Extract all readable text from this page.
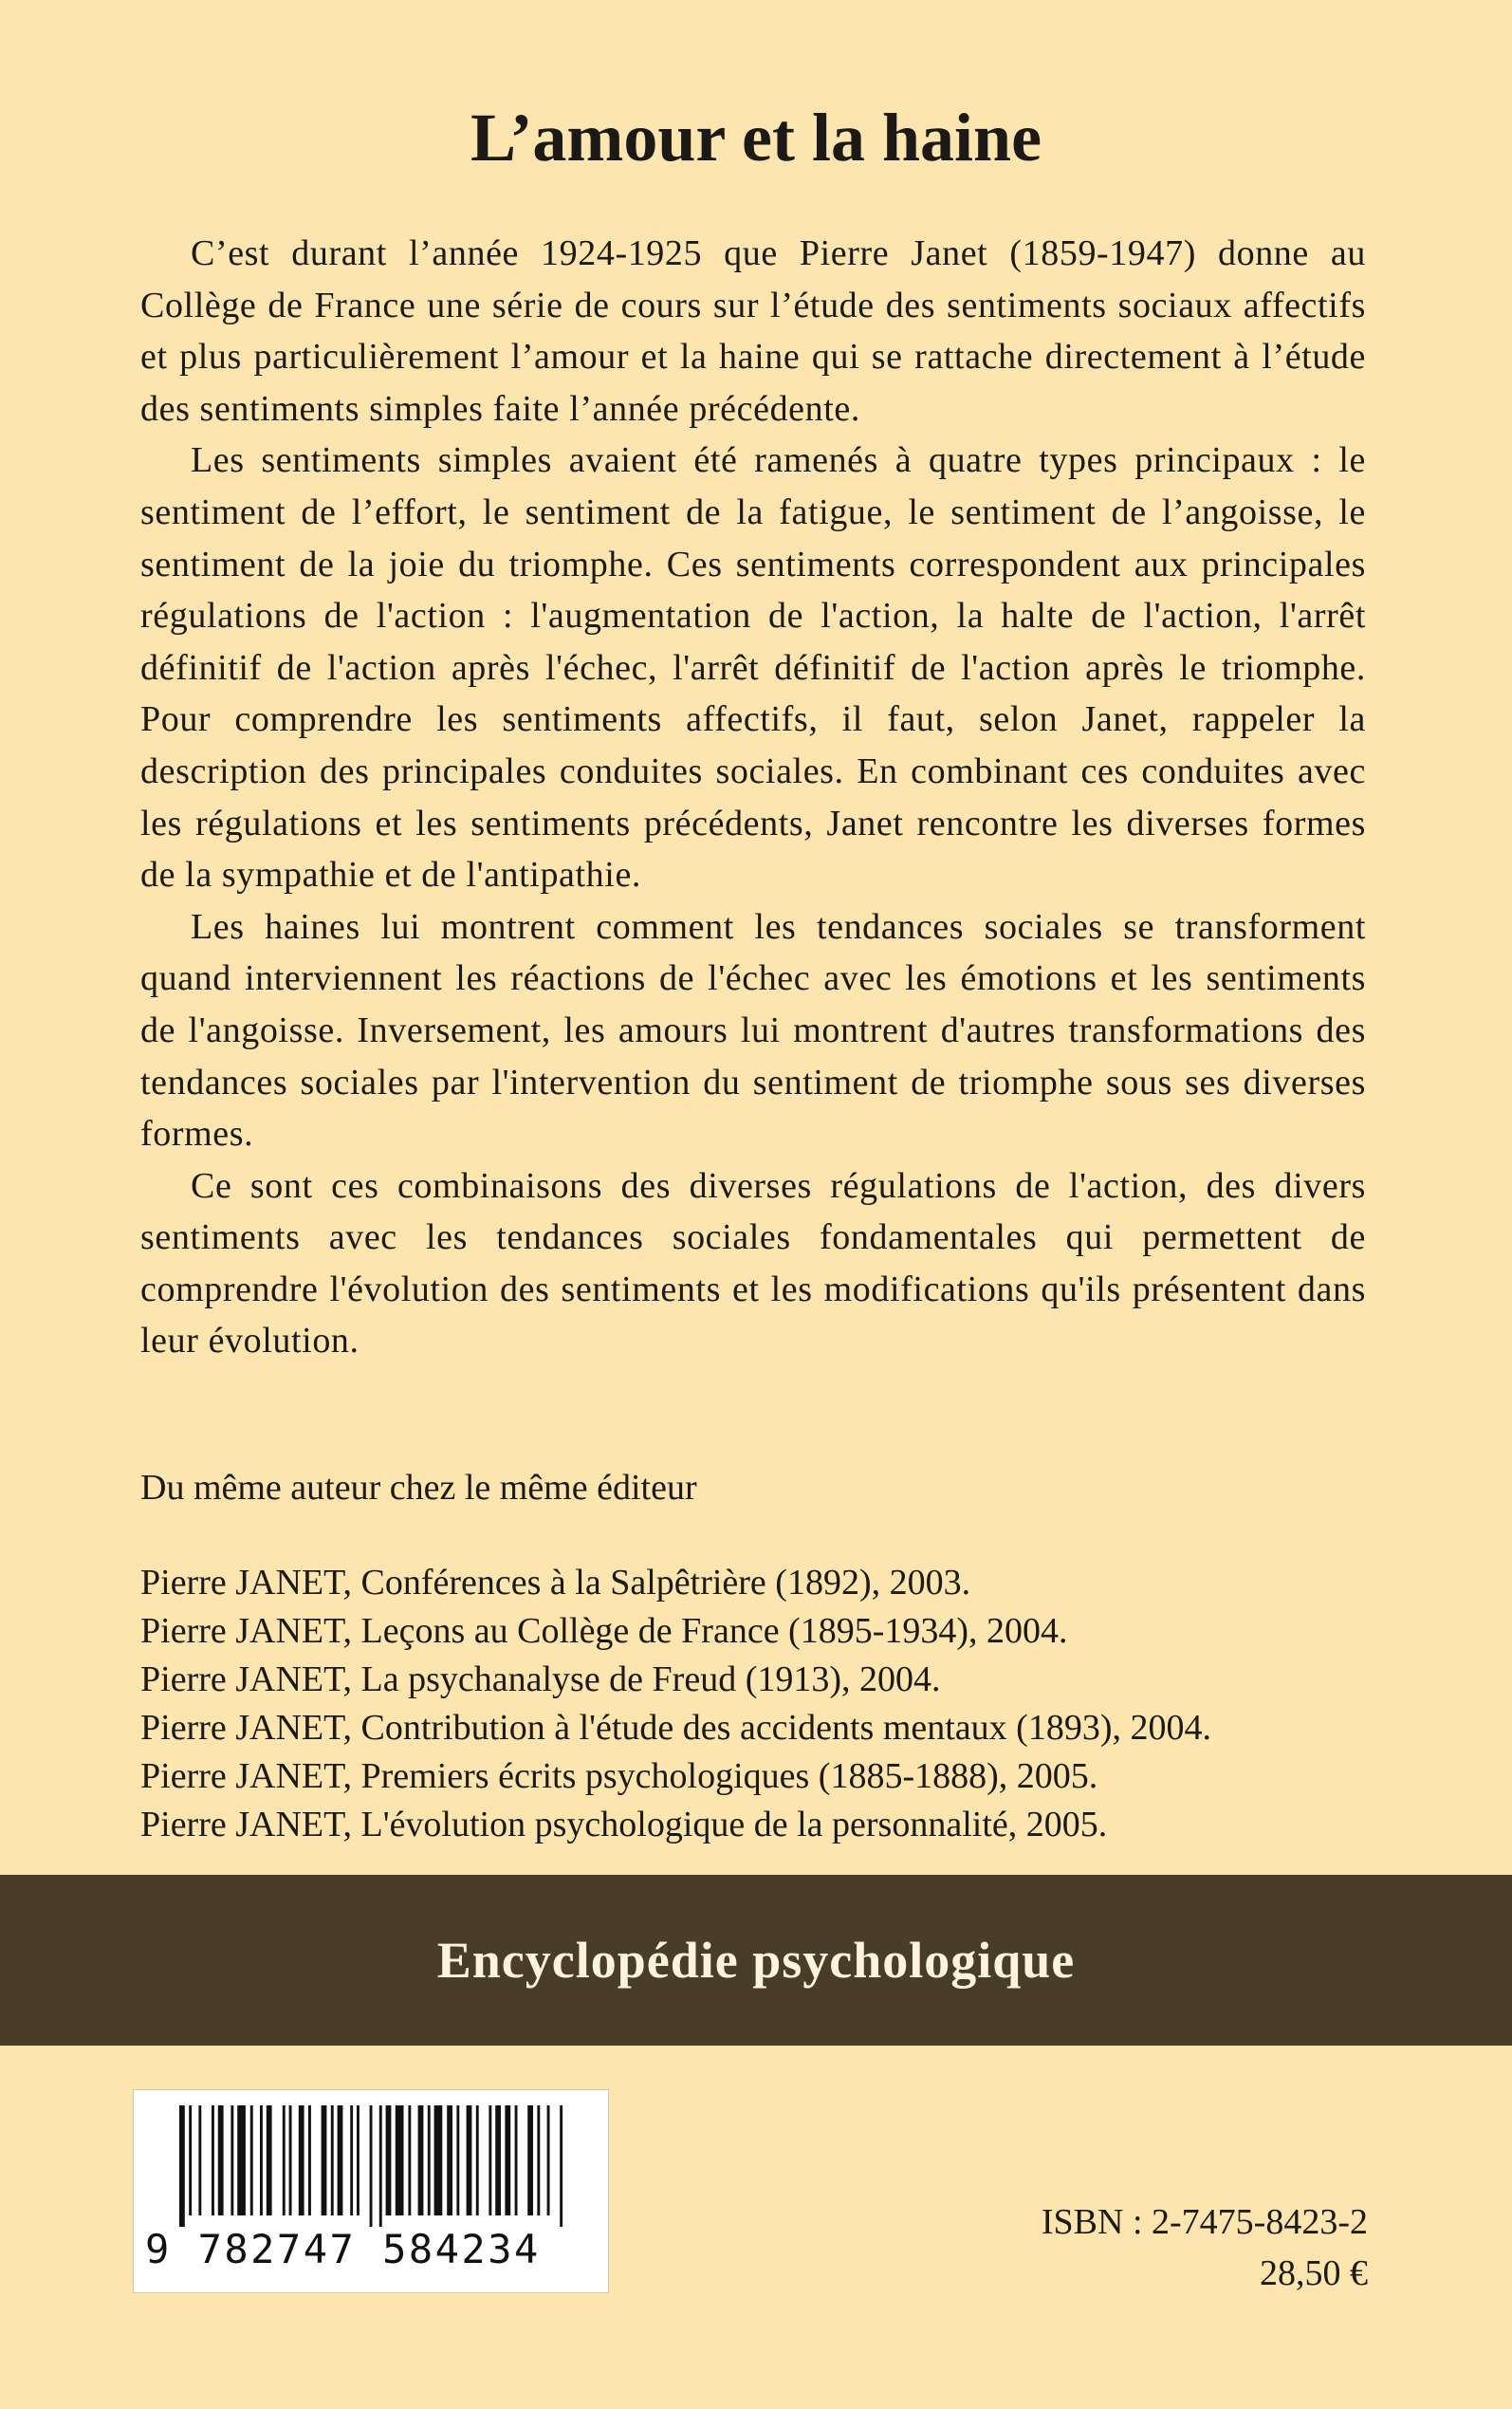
L’amour et la haine

C’est durant l’année 1924-1925 que Pierre Janet (1859-1947) donne au Collège de France une série de cours sur l’étude des sentiments sociaux affectifs et plus particulièrement l’amour et la haine qui se rattache directement à l’étude des sentiments simples faite l’année précédente.

Les sentiments simples avaient été ramenés à quatre types principaux : le sentiment de l’effort, le sentiment de la fatigue, le sentiment de l’angoisse, le sentiment de la joie du triomphe. Ces sentiments correspondent aux principales régulations de l'action : l'augmentation de l'action, la halte de l'action, l'arrêt définitif de l'action après l'échec, l'arrêt définitif de l'action après le triomphe. Pour comprendre les sentiments affectifs, il faut, selon Janet, rappeler la description des principales conduites sociales. En combinant ces conduites avec les régulations et les sentiments précédents, Janet rencontre les diverses formes de la sympathie et de l'antipathie.

Les haines lui montrent comment les tendances sociales se transforment quand interviennent les réactions de l'échec avec les émotions et les sentiments de l'angoisse. Inversement, les amours lui montrent d'autres transformations des tendances sociales par l'intervention du sentiment de triomphe sous ses diverses formes.

Ce sont ces combinaisons des diverses régulations de l'action, des divers sentiments avec les tendances sociales fondamentales qui permettent de comprendre l'évolution des sentiments et les modifications qu'ils présentent dans leur évolution.

Du même auteur chez le même éditeur

Pierre JANET, Conférences à la Salpêtrière (1892), 2003.
Pierre JANET, Leçons au Collège de France (1895-1934), 2004.
Pierre JANET, La psychanalyse de Freud (1913), 2004.
Pierre JANET, Contribution à l'étude des accidents mentaux (1893), 2004.
Pierre JANET, Premiers écrits psychologiques (1885-1888), 2005.
Pierre JANET, L'évolution psychologique de la personnalité, 2005.
Encyclopédie psychologique
9 782747 584234
ISBN : 2-7475-8423-2
28,50 €
